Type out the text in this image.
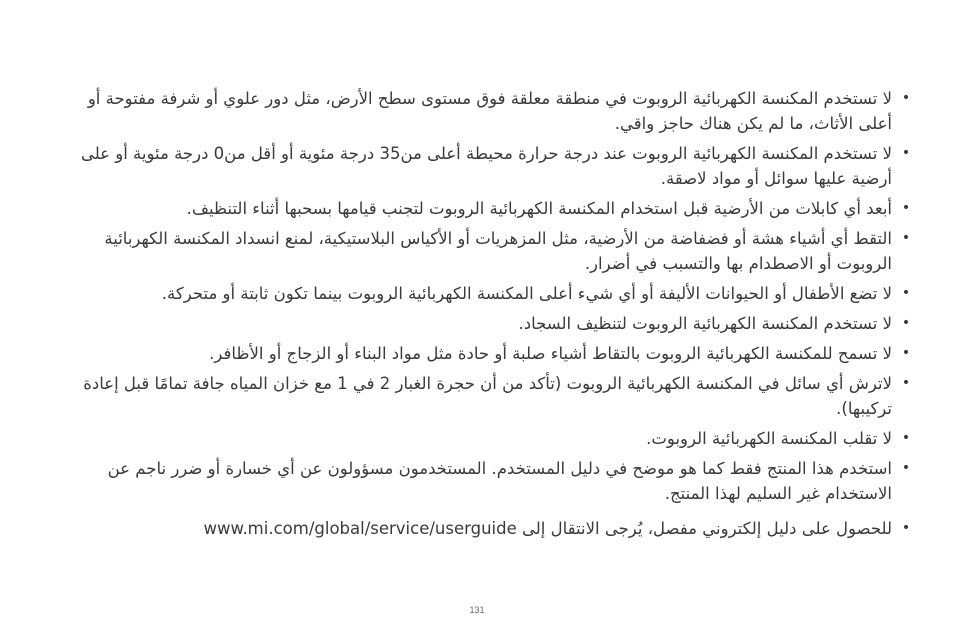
•
لا تستخدم المكنسة الكهربائية الروبوت في منطقة معلقة فوق مستوى سطح الأرض، مثل دور علوي أو شرفة مفتوحة أو أعلى الأثاث، ما لم يكن هناك حاجز واقي.
•
لا تستخدم المكنسة الكهربائية الروبوت عند درجة حرارة محيطة أعلى من35 درجة مئوية أو أقل من0 درجة مئوية أو على أرضية عليها سوائل أو مواد لاصقة.
•
أبعد أي كابلات من الأرضية قبل استخدام المكنسة الكهربائية الروبوت لتجنب قيامها بسحبها أثناء التنظيف.
•
التقط أي أشياء هشة أو فضفاضة من الأرضية، مثل المزهريات أو الأكياس البلاستيكية، لمنع انسداد المكنسة الكهربائية الروبوت أو الاصطدام بها والتسبب في أضرار.
•
لا تضع الأطفال أو الحيوانات الأليفة أو أي شيء أعلى المكنسة الكهربائية الروبوت بينما تكون ثابتة أو متحركة.
•
لا تستخدم المكنسة الكهربائية الروبوت لتنظيف السجاد.
•
لا تسمح للمكنسة الكهربائية الروبوت بالتقاط أشياء صلبة أو حادة مثل مواد البناء أو الزجاج أو الأظافر.
•
لاترش أي سائل في المكنسة الكهربائية الروبوت (تأكد من أن حجرة الغبار 2 في 1 مع خزان المياه جافة تمامًا قبل إعادة تركيبها).
•
لا تقلب المكنسة الكهربائية الروبوت.
•
استخدم هذا المنتج فقط كما هو موضح في دليل المستخدم. المستخدمون مسؤولون عن أي خسارة أو ضرر ناجم عن الاستخدام غير السليم لهذا المنتج.
•
للحصول على دليل إلكتروني مفصل، يُرجى الانتقال إلى www.mi.com/global/service/userguide
131
